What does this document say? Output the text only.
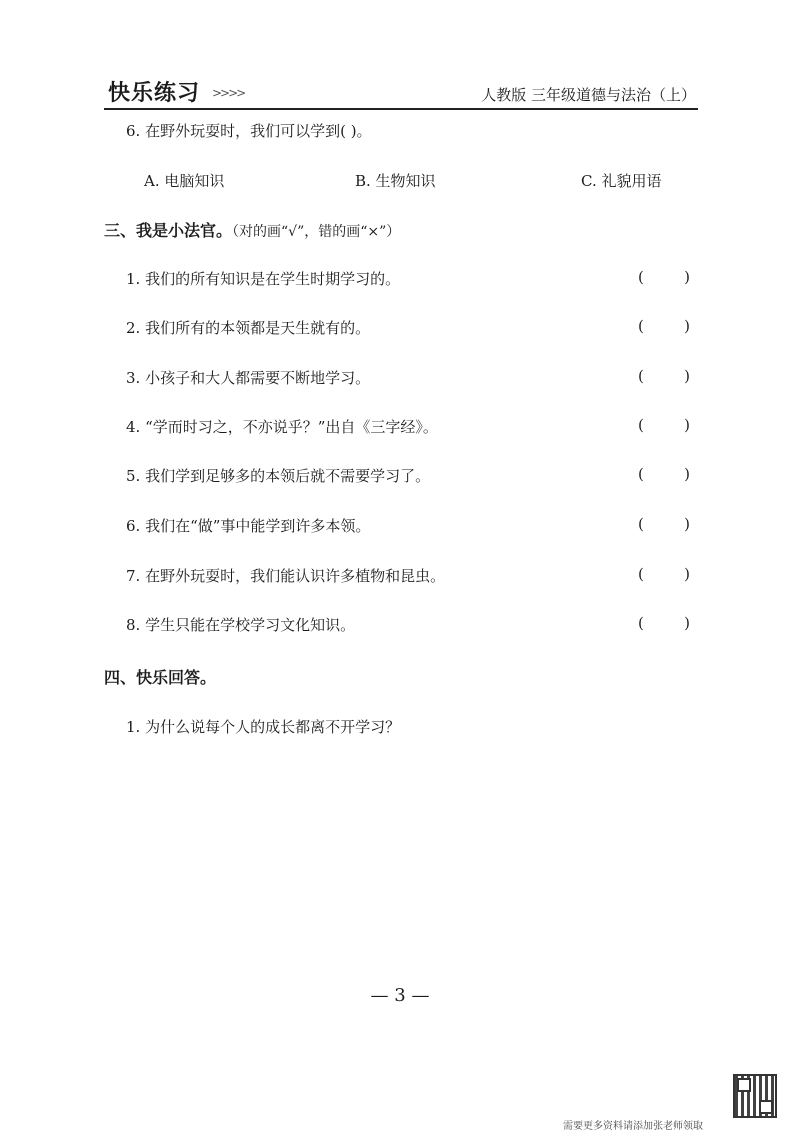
快乐练习 >>>>	人教版 三年级道德与法治（上）
6. 在野外玩耍时，我们可以学到( )。
A. 电脑知识	B. 生物知识	C. 礼貌用语
三、我是小法官。（对的画“√”，错的画“×”）
1. 我们的所有知识是在学生时期学习的。	(	)
2. 我们所有的本领都是天生就有的。	(	)
3. 小孩子和大人都需要不断地学习。	(	)
4. “学而时习之，不亦说乎？”出自《三字经》。	(	)
5. 我们学到足够多的本领后就不需要学习了。	(	)
6. 我们在“做”事中能学到许多本领。	(	)
7. 在野外玩耍时，我们能认识许多植物和昆虫。	(	)
8. 学生只能在学校学习文化知识。	(	)
四、快乐回答。
1. 为什么说每个人的成长都离不开学习？
— 3 —
需要更多资料请添加张老师领取
